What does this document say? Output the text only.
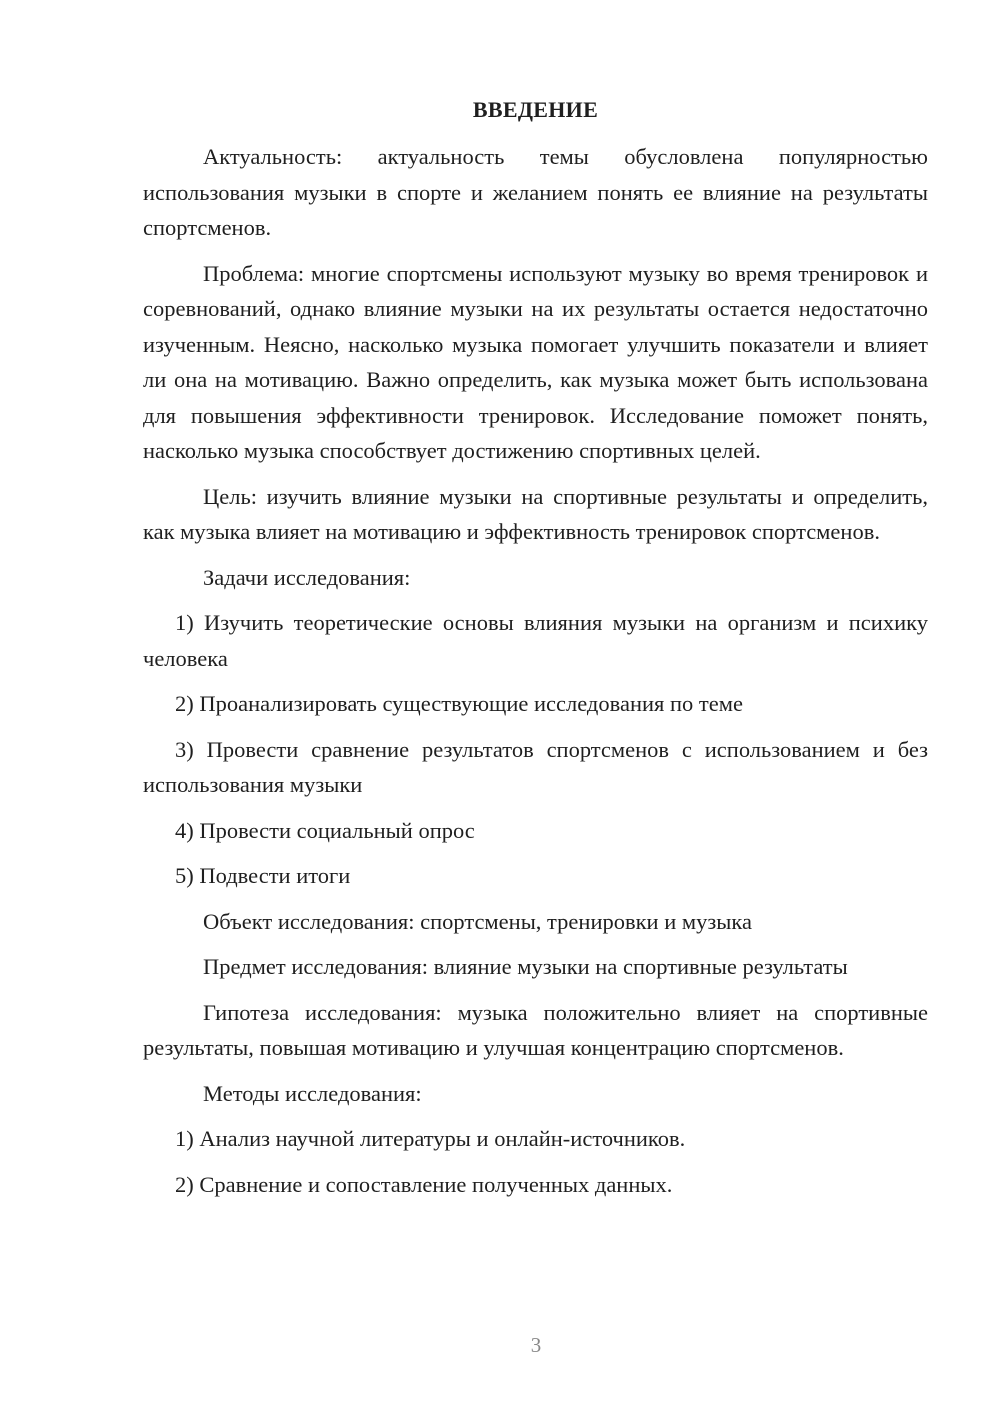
ВВЕДЕНИЕ

Актуальность: актуальность темы обусловлена популярностью использования музыки в спорте и желанием понять ее влияние на результаты спортсменов.

Проблема: многие спортсмены используют музыку во время тренировок и соревнований, однако влияние музыки на их результаты остается недостаточно изученным. Неясно, насколько музыка помогает улучшить показатели и влияет ли она на мотивацию. Важно определить, как музыка может быть использована для повышения эффективности тренировок. Исследование поможет понять, насколько музыка способствует достижению спортивных целей.

Цель: изучить влияние музыки на спортивные результаты и определить, как музыка влияет на мотивацию и эффективность тренировок спортсменов.

Задачи исследования:

1) Изучить теоретические основы влияния музыки на организм и психику человека

2) Проанализировать существующие исследования по теме

3) Провести сравнение результатов спортсменов с использованием и без использования музыки

4) Провести социальный опрос

5) Подвести итоги

Объект исследования: спортсмены, тренировки и музыка

Предмет исследования: влияние музыки на спортивные результаты

Гипотеза исследования: музыка положительно влияет на спортивные результаты, повышая мотивацию и улучшая концентрацию спортсменов.

Методы исследования:

1) Анализ научной литературы и онлайн-источников.

2) Сравнение и сопоставление полученных данных.

3
